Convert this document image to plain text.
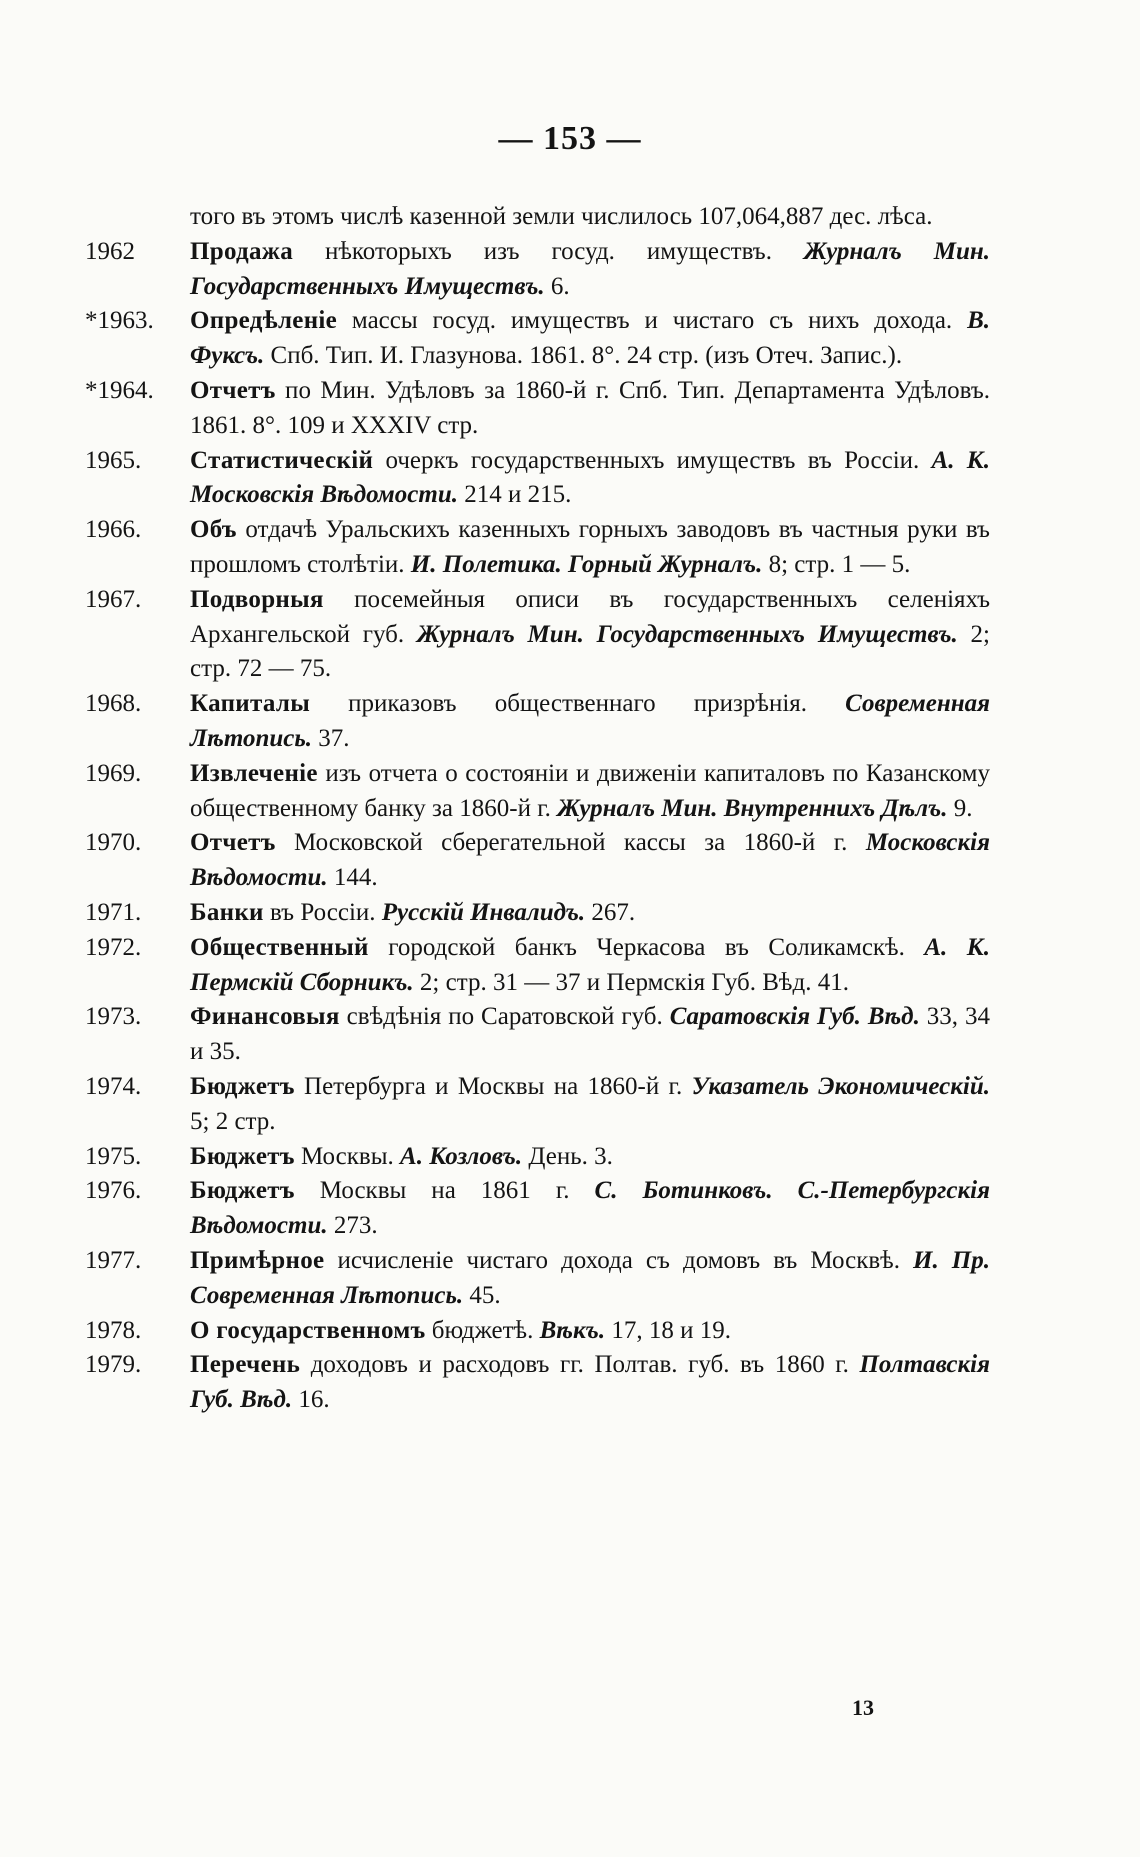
— 153 —
того въ этомъ числѣ казенной земли числилось 107,064,887 дес. лѣса.
1962	Продажа нѣкоторыхъ изъ госуд. имуществъ. Журналъ Мин. Государственныхъ Имуществъ. 6.
*1963.	Опредѣленіе массы госуд. имуществъ и чистаго съ нихъ дохода. В. Фуксъ. Спб. Тип. И. Глазунова. 1861. 8°. 24 стр. (изъ Отеч. Запис.).
*1964.	Отчетъ по Мин. Удѣловъ за 1860-й г. Спб. Тип. Департамента Удѣловъ. 1861. 8°. 109 и XXXIV стр.
1965.	Статистическій очеркъ государственныхъ имуществъ въ Россіи. А. К. Московскія Вѣдомости. 214 и 215.
1966.	Объ отдачѣ Уральскихъ казенныхъ горныхъ заводовъ въ частныя руки въ прошломъ столѣтіи. И. Полетика. Горный Журналъ. 8; стр. 1 — 5.
1967.	Подворныя посемейныя описи въ государственныхъ селеніяхъ Архангельской губ. Журналъ Мин. Государственныхъ Имуществъ. 2; стр. 72 — 75.
1968.	Капиталы приказовъ общественнаго призрѣнія. Современная Лѣтопись. 37.
1969.	Извлеченіе изъ отчета о состояніи и движеніи капиталовъ по Казанскому общественному банку за 1860-й г. Журналъ Мин. Внутреннихъ Дѣлъ. 9.
1970.	Отчетъ Московской сберегательной кассы за 1860-й г. Московскія Вѣдомости. 144.
1971.	Банки въ Россіи. Русскій Инвалидъ. 267.
1972.	Общественный городской банкъ Черкасова въ Соликамскѣ. А. К. Пермскій Сборникъ. 2; стр. 31 — 37 и Пермскія Губ. Вѣд. 41.
1973.	Финансовыя свѣдѣнія по Саратовской губ. Саратовскія Губ. Вѣд. 33, 34 и 35.
1974.	Бюджетъ Петербурга и Москвы на 1860-й г. Указатель Экономическій. 5; 2 стр.
1975.	Бюджетъ Москвы. А. Козловъ. День. 3.
1976.	Бюджетъ Москвы на 1861 г. С. Ботинковъ. С.-Петербургскія Вѣдомости. 273.
1977.	Примѣрное исчисленіе чистаго дохода съ домовъ въ Москвѣ. И. Пр. Современная Лѣтопись. 45.
1978.	О государственномъ бюджетѣ. Вѣкъ. 17, 18 и 19.
1979.	Перечень доходовъ и расходовъ гг. Полтав. губ. въ 1860 г. Полтавскія Губ. Вѣд. 16.
13
